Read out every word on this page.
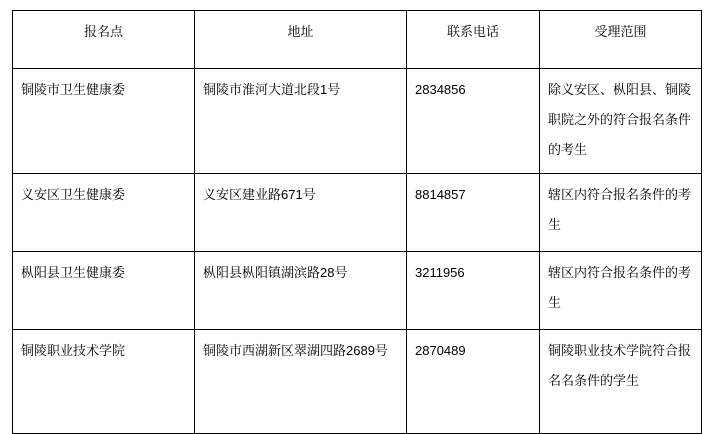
报名点	地址	联系电话	受理范围

铜陵市卫生健康委	铜陵市淮河大道北段1号	2834856	除义安区、枞阳县、铜陵职院之外的符合报名条件的考生

义安区卫生健康委	义安区建业路671号	8814857	辖区内符合报名条件的考生

枞阳县卫生健康委	枞阳县枞阳镇湖滨路28号	3211956	辖区内符合报名条件的考生

铜陵职业技术学院	铜陵市西湖新区翠湖四路2689号	2870489	铜陵职业技术学院符合报名名条件的学生
